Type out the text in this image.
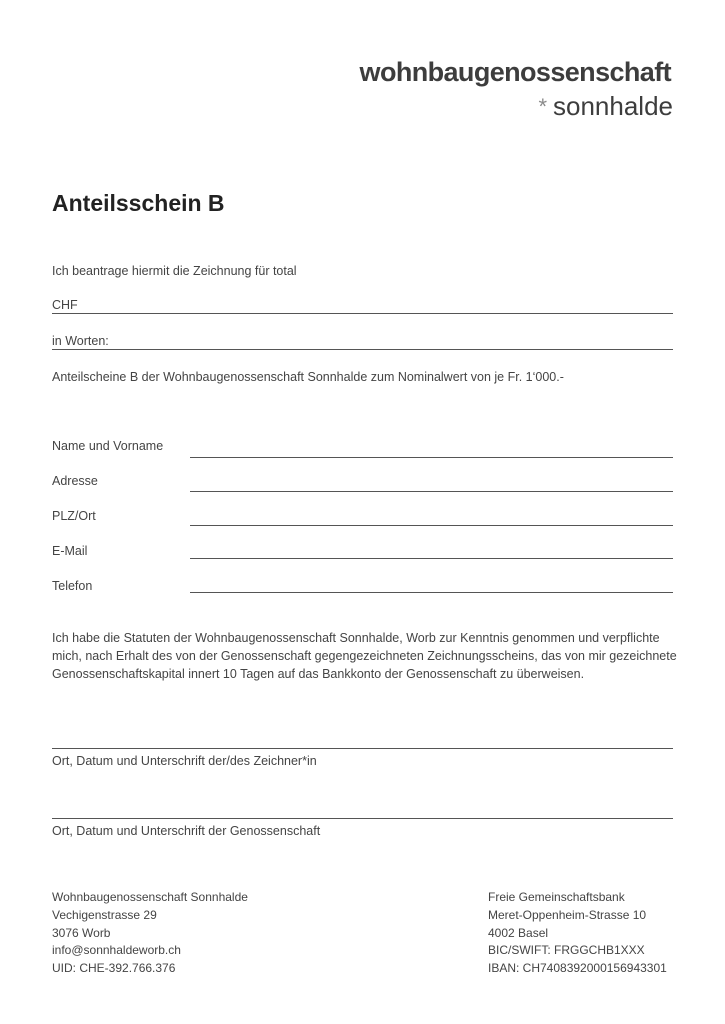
wohnbaugenossenschaft
* sonnhalde
Anteilsschein B
Ich beantrage hiermit die Zeichnung für total
CHF
in Worten:
Anteilscheine B der Wohnbaugenossenschaft Sonnhalde zum Nominalwert von je Fr. 1‘000.-
Name und Vorname
Adresse
PLZ/Ort
E-Mail
Telefon
Ich habe die Statuten der Wohnbaugenossenschaft Sonnhalde, Worb zur Kenntnis genommen und verpflichte mich, nach Erhalt des von der Genossenschaft gegengezeichneten Zeichnungsscheins, das von mir gezeichnete Genossenschaftskapital innert 10 Tagen auf das Bankkonto der Genossenschaft zu überweisen.
Ort, Datum und Unterschrift der/des Zeichner*in
Ort, Datum und Unterschrift der Genossenschaft
Wohnbaugenossenschaft Sonnhalde
Vechigenstrasse 29
3076 Worb
info@sonnhaldeworb.ch
UID: CHE-392.766.376
Freie Gemeinschaftsbank
Meret-Oppenheim-Strasse 10
4002 Basel
BIC/SWIFT: FRGGCHB1XXX
IBAN: CH7408392000156943301
